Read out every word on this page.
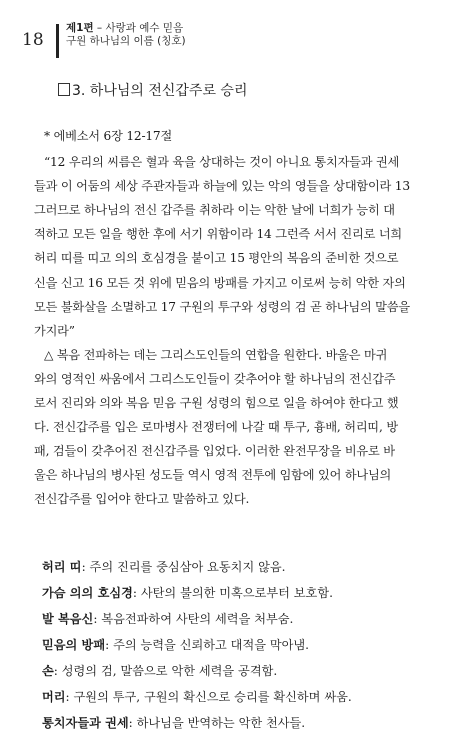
18
제1편 – 사랑과 예수 믿음
구원 하나님의 이름 (칭호)
3. 하나님의 전신갑주로 승리
* 에베소서 6장 12-17절
“12 우리의 씨름은 혈과 육을 상대하는 것이 아니요 통치자들과 권세
들과 이 어둠의 세상 주관자들과 하늘에 있는 악의 영들을 상대함이라 13
그러므로 하나님의 전신 갑주를 취하라 이는 악한 날에 너희가 능히 대
적하고 모든 일을 행한 후에 서기 위함이라 14 그런즉 서서 진리로 너희
허리 띠를 띠고 의의 호심경을 붙이고 15 평안의 복음의 준비한 것으로
신을 신고 16 모든 것 위에 믿음의 방패를 가지고 이로써 능히 악한 자의
모든 불화살을 소멸하고 17 구원의 투구와 성령의 검 곧 하나님의 말씀을
가지라”
△ 복음 전파하는 데는 그리스도인들의 연합을 원한다. 바울은 마귀
와의 영적인 싸움에서 그리스도인들이 갖추어야 할 하나님의 전신갑주
로서 진리와 의와 복음 믿음 구원 성령의 힘으로 일을 하여야 한다고 했
다. 전신갑주를 입은 로마병사 전쟁터에 나갈 때 투구, 흉배, 허리띠, 방
패, 검들이 갖추어진 전신갑주를 입었다. 이러한 완전무장을 비유로 바
울은 하나님의 병사된 성도들 역시 영적 전투에 임함에 있어 하나님의
전신갑주를 입어야 한다고 말씀하고 있다.
허리 띠: 주의 진리를 중심삼아 요동치지 않음.
가슴 의의 호심경: 사탄의 불의한 미혹으로부터 보호함.
발 복음신: 복음전파하여 사탄의 세력을 처부숨.
믿음의 방패: 주의 능력을 신뢰하고 대적을 막아냄.
손: 성령의 검, 말씀으로 악한 세력을 공격함.
머리: 구원의 투구, 구원의 확신으로 승리를 확신하며 싸움.
통치자들과 권세: 하나님을 반역하는 악한 천사들.
